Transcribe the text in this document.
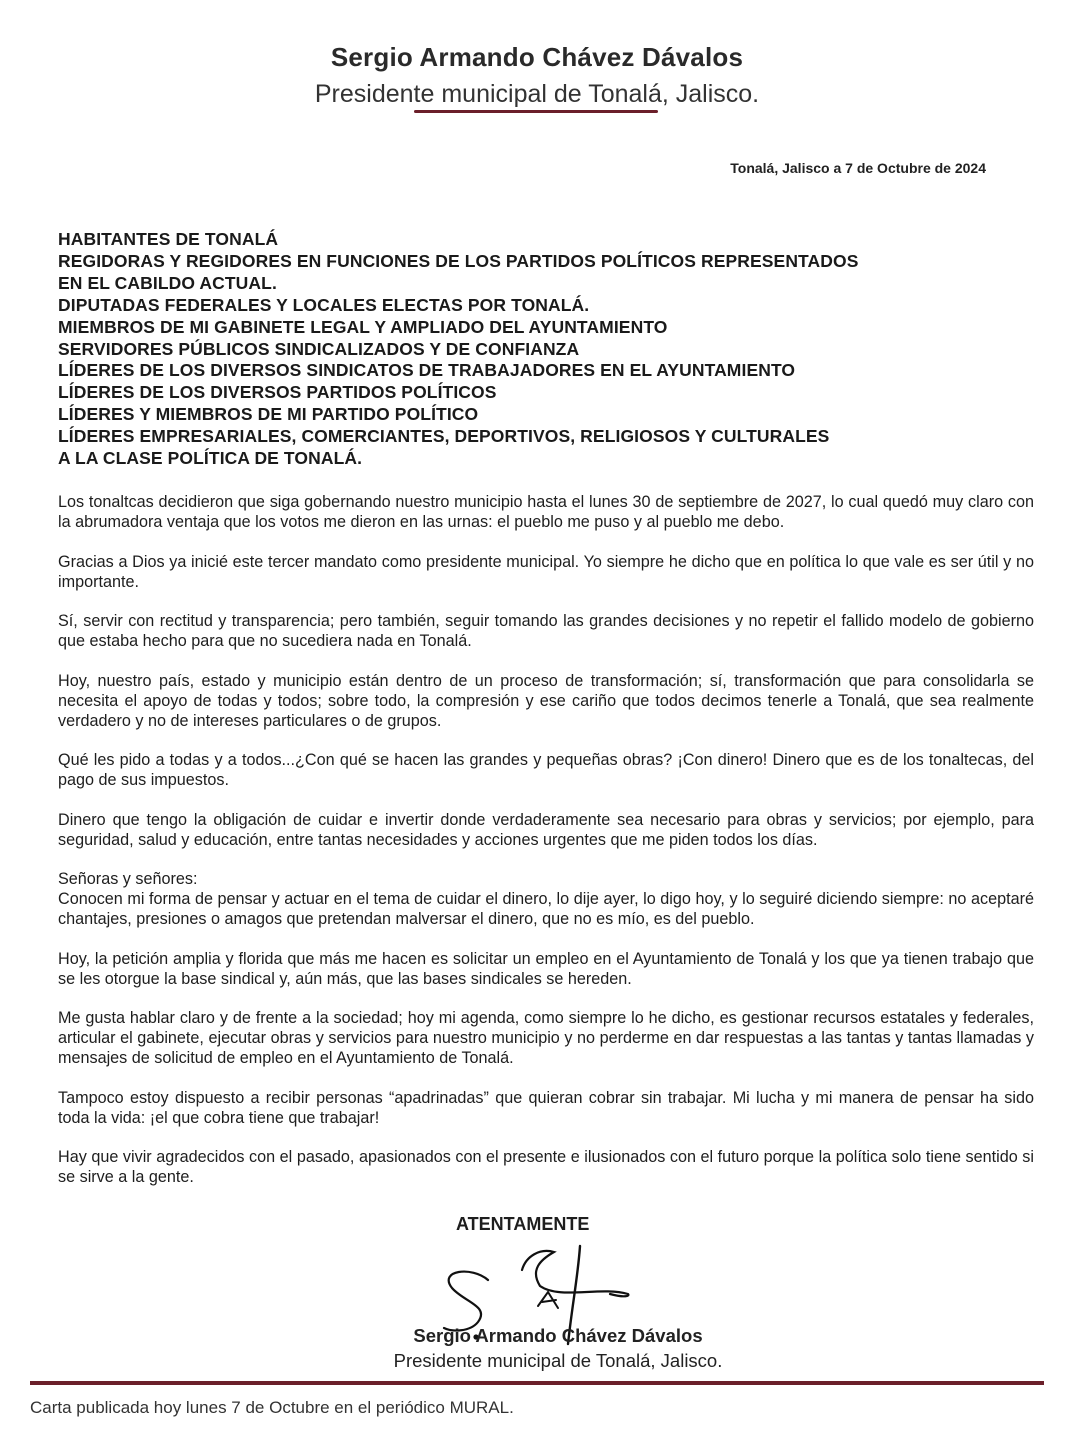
Sergio Armando Chávez Dávalos
Presidente municipal de Tonalá, Jalisco.
Tonalá, Jalisco a 7 de Octubre de 2024
HABITANTES DE TONALÁ
REGIDORAS Y REGIDORES EN FUNCIONES DE LOS PARTIDOS POLÍTICOS REPRESENTADOS
EN EL CABILDO ACTUAL.
DIPUTADAS FEDERALES Y LOCALES ELECTAS POR TONALÁ.
MIEMBROS DE MI GABINETE LEGAL Y AMPLIADO DEL AYUNTAMIENTO
SERVIDORES PÚBLICOS SINDICALIZADOS Y DE CONFIANZA
LÍDERES DE LOS DIVERSOS SINDICATOS DE TRABAJADORES EN EL AYUNTAMIENTO
LÍDERES DE LOS DIVERSOS PARTIDOS POLÍTICOS
LÍDERES Y MIEMBROS DE MI PARTIDO POLÍTICO
LÍDERES EMPRESARIALES, COMERCIANTES, DEPORTIVOS, RELIGIOSOS Y CULTURALES
A LA CLASE POLÍTICA DE TONALÁ.

Los tonaltcas decidieron que siga gobernando nuestro municipio hasta el lunes 30 de septiembre de 2027, lo cual quedó muy claro con la abrumadora ventaja que los votos me dieron en las urnas: el pueblo me puso y al pueblo me debo.

Gracias a Dios ya inicié este tercer mandato como presidente municipal. Yo siempre he dicho que en política lo que vale es ser útil y no importante.

Sí, servir con rectitud y transparencia; pero también, seguir tomando las grandes decisiones y no repetir el fallido modelo de gobierno que estaba hecho para que no sucediera nada en Tonalá.

Hoy, nuestro país, estado y municipio están dentro de un proceso de transformación; sí, transformación que para consolidarla se necesita el apoyo de todas y todos; sobre todo, la compresión y ese cariño que todos decimos tenerle a Tonalá, que sea realmente verdadero y no de intereses particulares o de grupos.

Qué les pido a todas y a todos...¿Con qué se hacen las grandes y pequeñas obras? ¡Con dinero! Dinero que es de los tonaltecas, del pago de sus impuestos.

Dinero que tengo la obligación de cuidar e invertir donde verdaderamente sea necesario para obras y servicios; por ejemplo, para seguridad, salud y educación, entre tantas necesidades y acciones urgentes que me piden todos los días.

Señoras y señores:
Conocen mi forma de pensar y actuar en el tema de cuidar el dinero, lo dije ayer, lo digo hoy, y lo seguiré diciendo siempre: no aceptaré chantajes, presiones o amagos que pretendan malversar el dinero, que no es mío, es del pueblo.

Hoy, la petición amplia y florida que más me hacen es solicitar un empleo en el Ayuntamiento de Tonalá y los que ya tienen trabajo que se les otorgue la base sindical y, aún más, que las bases sindicales se hereden.

Me gusta hablar claro y de frente a la sociedad; hoy mi agenda, como siempre lo he dicho, es gestionar recursos estatales y federales, articular el gabinete, ejecutar obras y servicios para nuestro municipio y no perderme en dar respuestas a las tantas y tantas llamadas y mensajes de solicitud de empleo en el Ayuntamiento de Tonalá.

Tampoco estoy dispuesto a recibir personas “apadrinadas” que quieran cobrar sin trabajar. Mi lucha y mi manera de pensar ha sido toda la vida: ¡el que cobra tiene que trabajar!

Hay que vivir agradecidos con el pasado, apasionados con el presente e ilusionados con el futuro porque la política solo tiene sentido si se sirve a la gente.

ATENTAMENTE
Sergio Armando Chávez Dávalos
Presidente municipal de Tonalá, Jalisco.
Carta publicada hoy lunes 7 de Octubre en el periódico MURAL.
